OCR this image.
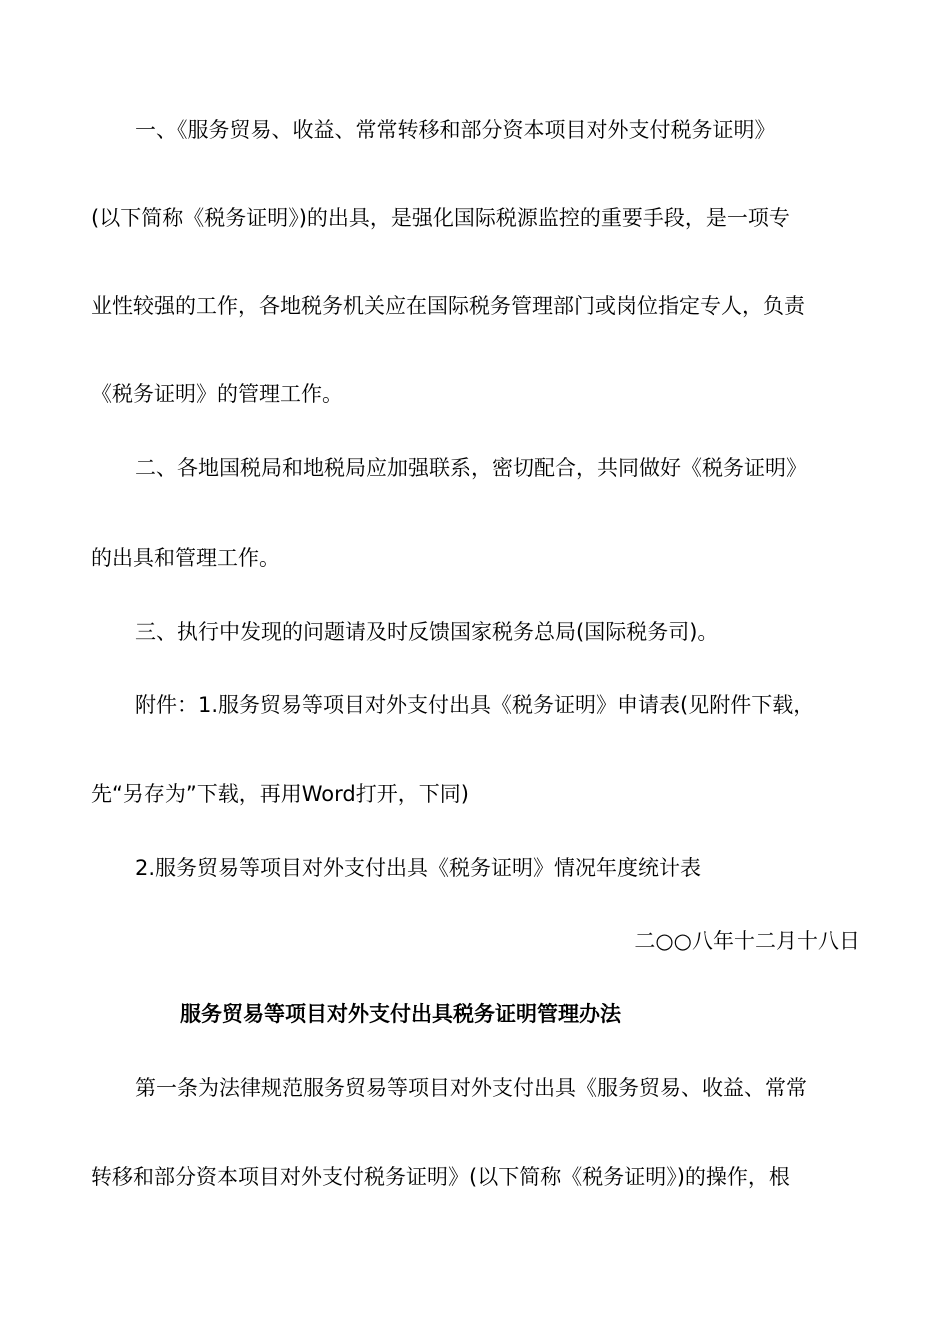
一、《服务贸易、收益、常常转移和部分资本项目对外支付税务证明》
(以下简称《税务证明》)的出具，是强化国际税源监控的重要手段，是一项专
业性较强的工作，各地税务机关应在国际税务管理部门或岗位指定专人，负责
《税务证明》的管理工作。
二、各地国税局和地税局应加强联系，密切配合，共同做好《税务证明》
的出具和管理工作。
三、执行中发现的问题请及时反馈国家税务总局(国际税务司)。
附件：1.服务贸易等项目对外支付出具《税务证明》申请表(见附件下载，
先“另存为”下载，再用Word打开，下同)
2.服务贸易等项目对外支付出具《税务证明》情况年度统计表
二○○八年十二月十八日
服务贸易等项目对外支付出具税务证明管理办法
第一条为法律规范服务贸易等项目对外支付出具《服务贸易、收益、常常
转移和部分资本项目对外支付税务证明》(以下简称《税务证明》)的操作，根
